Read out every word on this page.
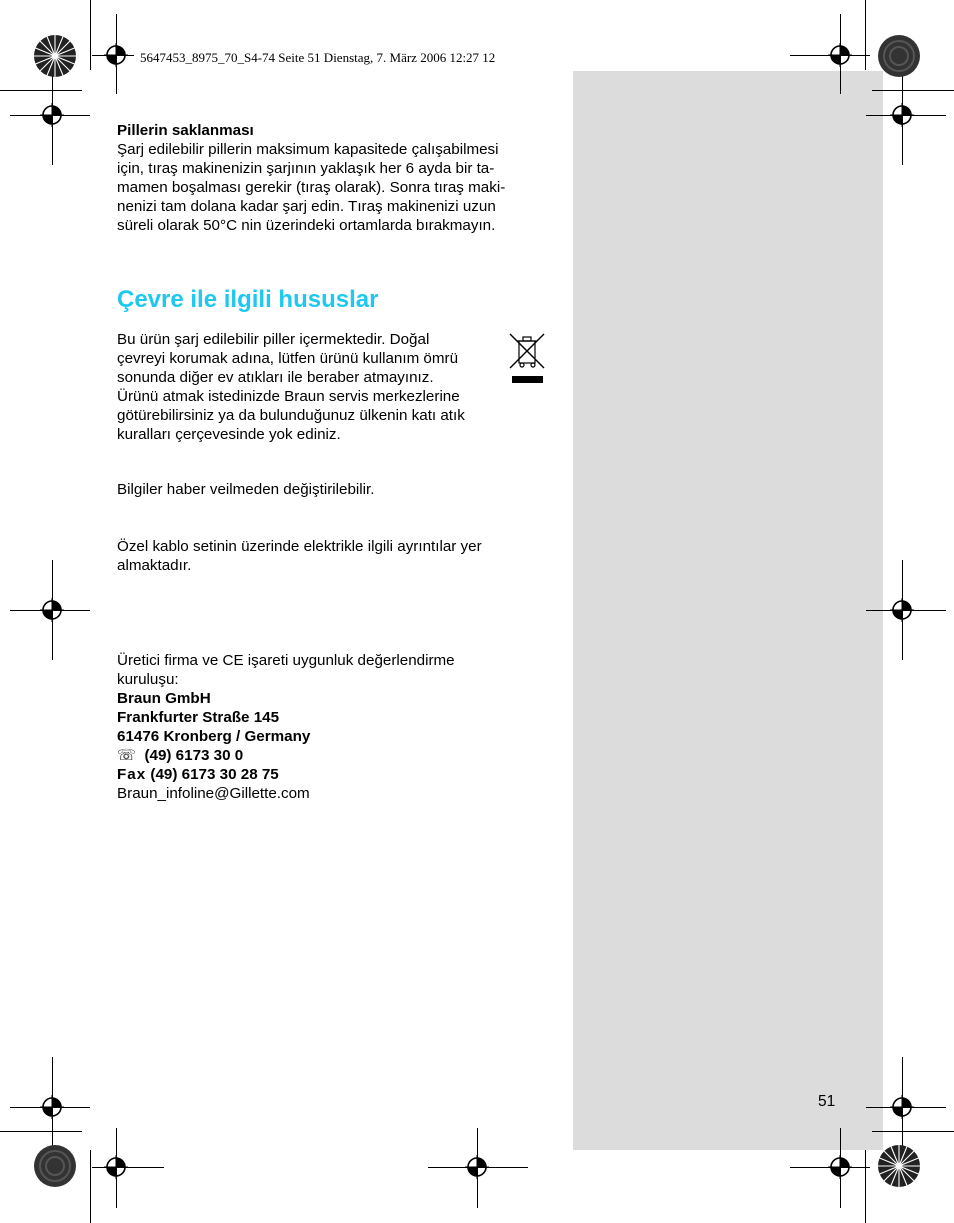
5647453_8975_70_S4-74 Seite 51 Dienstag, 7. März 2006 12:27 12
Pillerin saklanması
Şarj edilebilir pillerin maksimum kapasitede çalışabilmesi
için, tıraş makinenizin şarjının yaklaşık her 6 ayda bir ta-
mamen boşalması gerekir (tıraş olarak). Sonra tıraş maki-
nenizi tam dolana kadar şarj edin. Tıraş makinenizi uzun
süreli olarak 50°C nin üzerindeki ortamlarda bırakmayın.
Çevre ile ilgili hususlar
Bu ürün şarj edilebilir piller içermektedir. Doğal
çevreyi korumak adına, lütfen ürünü kullanım ömrü
sonunda diğer ev atıkları ile beraber atmayınız.
Ürünü atmak istedinizde Braun servis merkezlerine
götürebilirsiniz ya da bulunduğunuz ülkenin katı atık
kuralları çerçevesinde yok ediniz.
Bilgiler haber veilmeden değiştirilebilir.
Özel kablo setinin üzerinde elektrikle ilgili ayrıntılar yer
almaktadır.
Üretici firma ve CE işareti uygunluk değerlendirme
kuruluşu:
Braun GmbH
Frankfurter Straße 145
61476 Kronberg / Germany
☏ (49) 6173 30 0
Fax (49) 6173 30 28 75
Braun_infoline@Gillette.com
51
